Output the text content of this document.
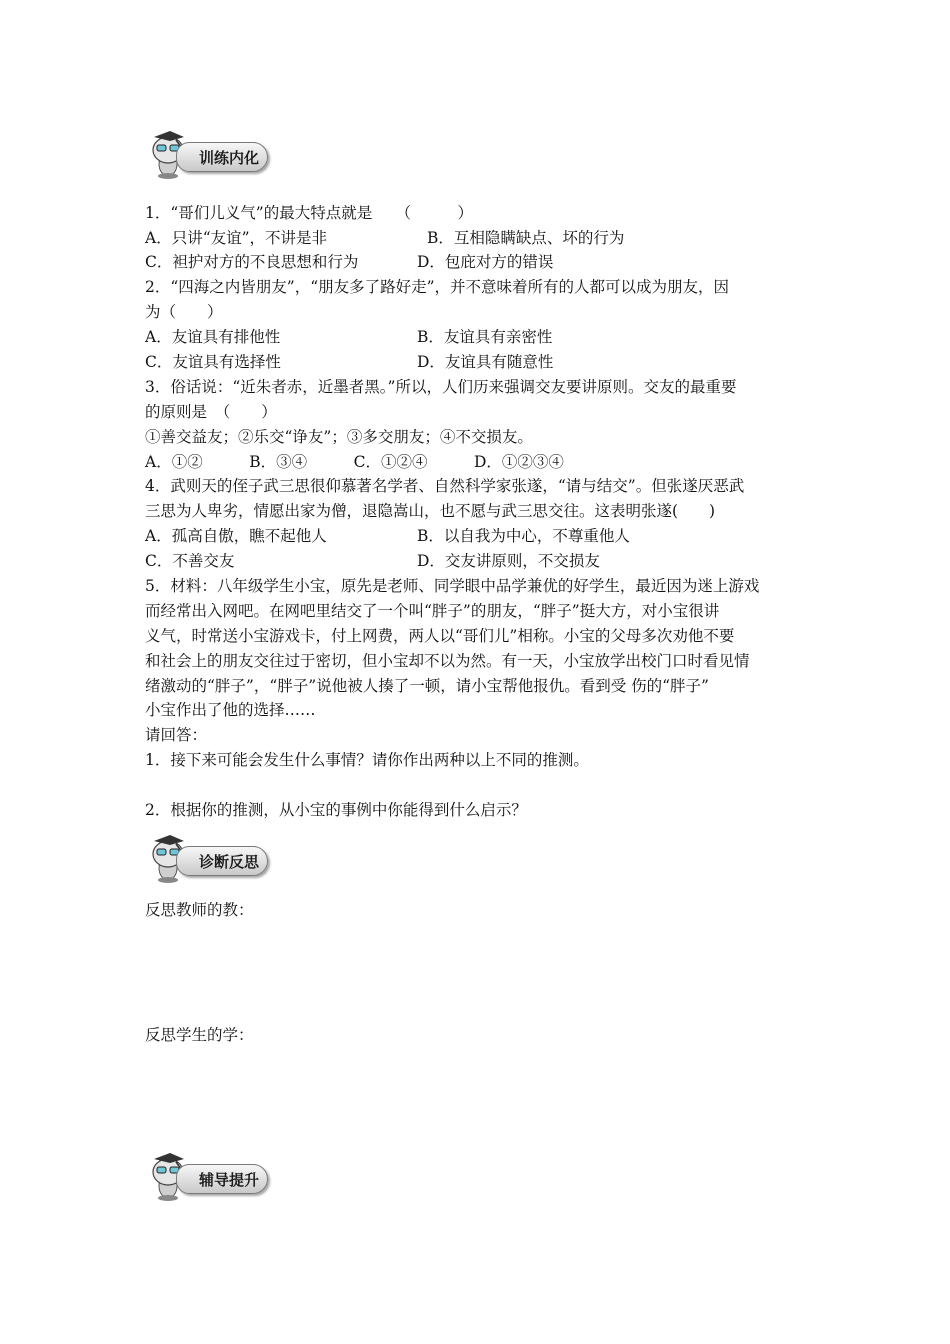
训练内化
1．“哥们儿义气”的最大特点就是　　（　　　）
A．只讲“友谊”，不讲是非	B．互相隐瞒缺点、坏的行为
C．袒护对方的不良思想和行为	D．包庇对方的错误
2．“四海之内皆朋友”，“朋友多了路好走”，并不意味着所有的人都可以成为朋友，因
为（　　）
A．友谊具有排他性	B．友谊具有亲密性
C．友谊具有选择性	D．友谊具有随意性
3．俗话说：“近朱者赤，近墨者黑。”所以，人们历来强调交友要讲原则。交友的最重要
的原则是　（　　）
①善交益友；②乐交“诤友”；③多交朋友；④不交损友。
A．①②　　　B．③④　　　C．①②④　　　D．①②③④
4．武则天的侄子武三思很仰慕著名学者、自然科学家张遂，“请与结交”。但张遂厌恶武
三思为人卑劣，情愿出家为僧，退隐嵩山，也不愿与武三思交往。这表明张遂(　　)
A．孤高自傲，瞧不起他人	B．以自我为中心，不尊重他人
C．不善交友	D．交友讲原则，不交损友
5．材料：八年级学生小宝，原先是老师、同学眼中品学兼优的好学生，最近因为迷上游戏
而经常出入网吧。在网吧里结交了一个叫“胖子”的朋友，“胖子”挺大方，对小宝很讲
义气，时常送小宝游戏卡，付上网费，两人以“哥们儿”相称。小宝的父母多次劝他不要
和社会上的朋友交往过于密切，但小宝却不以为然。有一天，小宝放学出校门口时看见情
绪激动的“胖子”，“胖子”说他被人揍了一顿，请小宝帮他报仇。看到受 伤的“胖子”
小宝作出了他的选择……
请回答：
1．接下来可能会发生什么事情？请你作出两种以上不同的推测。
2．根据你的推测，从小宝的事例中你能得到什么启示？
诊断反思
反思教师的教：
反思学生的学：
辅导提升
